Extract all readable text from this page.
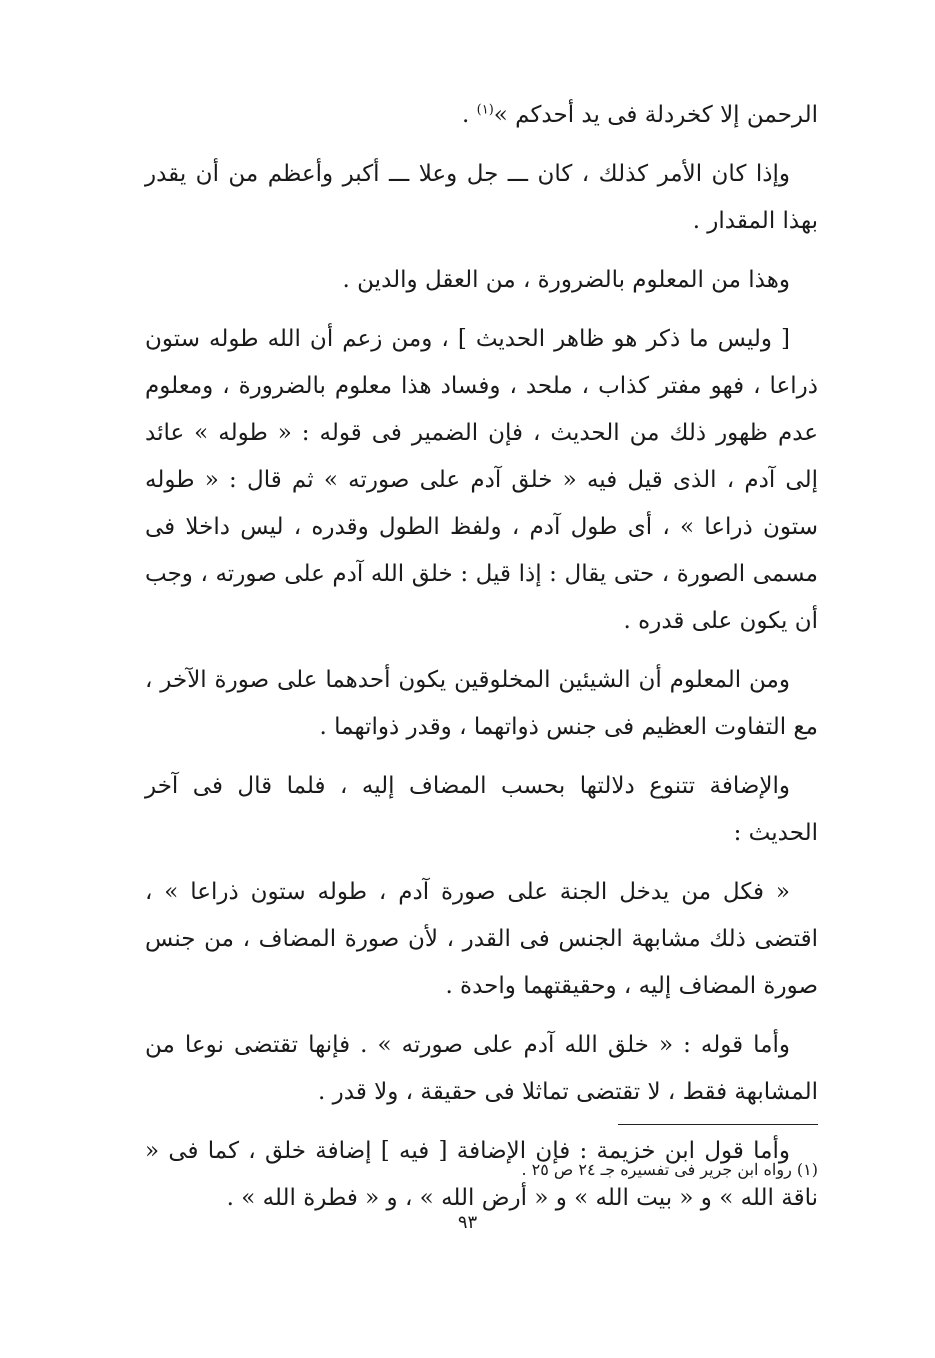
الرحمن إلا كخردلة فى يد أحدكم »$^{(١)}$ .

وإذا كان الأمر كذلك ، كان ـــ جل وعلا ـــ أكبر وأعظم من أن يقدر بهذا المقدار .

وهذا من المعلوم بالضرورة ، من العقل والدين .

[ وليس ما ذكر هو ظاهر الحديث ] ، ومن زعم أن الله طوله ستون ذراعا ، فهو مفتر كذاب ، ملحد ، وفساد هذا معلوم بالضرورة ، ومعلوم عدم ظهور ذلك من الحديث ، فإن الضمير فى قوله : « طوله » عائد إلى آدم ، الذى قيل فيه « خلق آدم على صورته » ثم قال : « طوله ستون ذراعا » ، أى طول آدم ، ولفظ الطول وقدره ، ليس داخلا فى مسمى الصورة ، حتى يقال : إذا قيل : خلق الله آدم على صورته ، وجب أن يكون على قدره .

ومن المعلوم أن الشيئين المخلوقين يكون أحدهما على صورة الآخر ، مع التفاوت العظيم فى جنس ذواتهما ، وقدر ذواتهما .

والإضافة تتنوع دلالتها بحسب المضاف إليه ، فلما قال فى آخر الحديث :

« فكل من يدخل الجنة على صورة آدم ، طوله ستون ذراعا » ، اقتضى ذلك مشابهة الجنس فى القدر ، لأن صورة المضاف ، من جنس صورة المضاف إليه ، وحقيقتهما واحدة .

وأما قوله : « خلق الله آدم على صورته » . فإنها تقتضى نوعا من المشابهة فقط ، لا تقتضى تماثلا فى حقيقة ، ولا قدر .

وأما قول ابن خزيمة : فإن الإضافة [ فيه ] إضافة خلق ، كما فى « ناقة الله » و « بيت الله » و « أرض الله » ، و « فطرة الله » .

(١) رواه ابن جرير فى تفسيره جـ ٢٤ ص ٢٥ .
٩٣
